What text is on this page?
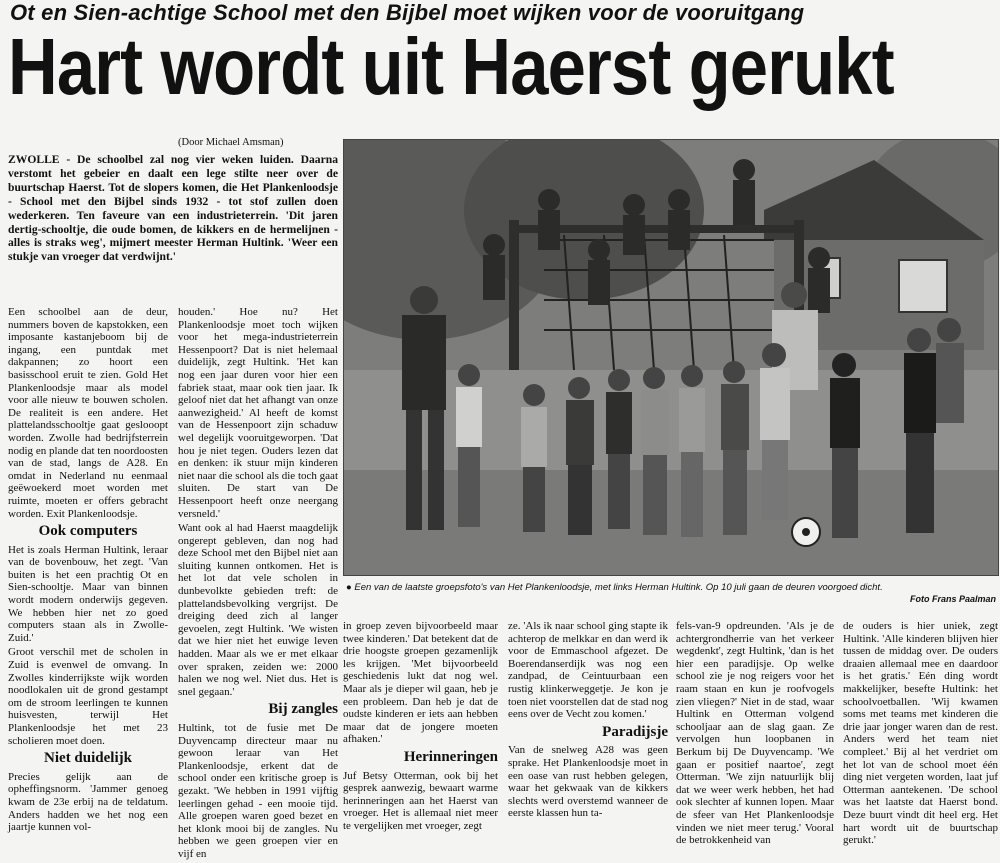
Ot en Sien-achtige School met den Bijbel moet wijken voor de vooruitgang
Hart wordt uit Haerst gerukt
(Door Michael Amsman)
● Een van de laatste groepsfoto's van Het Plankenloodsje, met links Herman Hultink. Op 10 juli gaan de deuren voorgoed dicht.
Foto Frans Paalman
ZWOLLE - De schoolbel zal nog vier weken luiden. Daarna verstomt het gebeier en daalt een lege stilte neer over de buurtschap Haerst. Tot de slopers komen, die Het Plankenloodsje - School met den Bijbel sinds 1932 - tot stof zullen doen wederkeren. Ten faveure van een industrieterrein. 'Dit jaren dertig-schooltje, die oude bomen, de kikkers en de hermelijnen - alles is straks weg', mijmert meester Herman Hultink. 'Weer een stukje van vroeger dat verdwijnt.'

Een schoolbel aan de deur, nummers boven de kapstokken, een imposante kastanjeboom bij de ingang, een puntdak met dakpannen; zo hoort een basisschool eruit te zien. Gold Het Plankenloodsje maar als model voor alle nieuw te bouwen scholen. De realiteit is een andere. Het plattelandsschooltje gaat geslooopt worden. Zwolle had bedrijfsterrein nodig en plande dat ten noordoosten van de stad, langs de A28. En omdat in Nederland nu eenmaal geëwoekerd moet worden met ruimte, moeten er offers gebracht worden. Exit Plankenloodsje.

Ook computers

Het is zoals Herman Hultink, leraar van de bovenbouw, het zegt. 'Van buiten is het een prachtig Ot en Sien-schooltje. Maar van binnen wordt modern onderwijs gegeven. We hebben hier net zo goed computers staan als in Zwolle-Zuid.'

Groot verschil met de scholen in Zuid is evenwel de omvang. In Zwolles kinderrijkste wijk worden noodlokalen uit de grond gestampt om de stroom leerlingen te kunnen huisvesten, terwijl Het Plankenloodsje het met 23 scholieren moet doen.

Niet duidelijk

Precies gelijk aan de opheffingsnorm. 'Jammer genoeg kwam de 23e erbij na de teldatum. Anders hadden we het nog een jaartje kunnen vol-

houden.' Hoe nu? Het Plankenloodsje moet toch wijken voor het mega-industrieterrein Hessenpoort? Dat is niet helemaal duidelijk, zegt Hultink. 'Het kan nog een jaar duren voor hier een fabriek staat, maar ook tien jaar. Ik geloof niet dat het afhangt van onze aanwezigheid.' Al heeft de komst van de Hessenpoort zijn schaduw wel degelijk vooruitgeworpen. 'Dat hou je niet tegen. Ouders lezen dat en denken: ik stuur mijn kinderen niet naar die school als die toch gaat sluiten. De start van De Hessenpoort heeft onze neergang versneld.'

Want ook al had Haerst maagdelijk ongerept gebleven, dan nog had deze School met den Bijbel niet aan sluiting kunnen ontkomen. Het is het lot dat vele scholen in dunbevolkte gebieden treft: de plattelandsbevolking vergrijst. De dreiging deed zich al langer gevoelen, zegt Hultink. 'We wisten dat we hier niet het euwige leven hadden. Maar als we er met elkaar over spraken, zeiden we: 2000 halen we nog wel. Niet dus. Het is snel gegaan.'

Bij zangles

Hultink, tot de fusie met De Duyvencamp directeur maar nu gewoon leraar van Het Plankenloodsje, erkent dat de school onder een kritische groep is gezakt. 'We hebben in 1991 vijftig leerlingen gehad - een mooie tijd. Alle groepen waren goed bezet en het klonk mooi bij de zangles. Nu hebben we geen groepen vier en vijf en

in groep zeven bijvoorbeeld maar twee kinderen.' Dat betekent dat de drie hoogste groepen gezamenlijk les krijgen. 'Met bijvoorbeeld geschiedenis lukt dat nog wel. Maar als je dieper wil gaan, heb je een probleem. Dan heb je dat de oudste kinderen er iets aan hebben maar dat de jongere moeten afhaken.'

Herinneringen

Juf Betsy Otterman, ook bij het gesprek aanwezig, bewaart warme herinneringen aan het Haerst van vroeger. Het is allemaal niet meer te vergelijken met vroeger, zegt

ze. 'Als ik naar school ging stapte ik achterop de melkkar en dan werd ik voor de Emmaschool afgezet. De Boerendanserdijk was nog een zandpad, de Ceintuurbaan een rustig klinkerweggetje. Je kon je toen niet voorstellen dat de stad nog eens over de Vecht zou komen.'

Paradijsje

Van de snelweg A28 was geen sprake. Het Plankenloodsje moet in een oase van rust hebben gelegen, waar het gekwaak van de kikkers slechts werd overstemd wanneer de eerste klassen hun ta-

fels-van-9 opdreunden. 'Als je de achtergrondherrie van het verkeer wegdenkt', zegt Hultink, 'dan is het hier een paradijsje. Op welke school zie je nog reigers voor het raam staan en kun je roofvogels zien vliegen?' Niet in de stad, waar Hultink en Otterman volgend schooljaar aan de slag gaan. Ze vervolgen hun loopbanen in Berkum bij De Duyvencamp. 'We gaan er positief naartoe', zegt Otterman. 'We zijn natuurlijk blij dat we weer werk hebben, het had ook slechter af kunnen lopen. Maar de sfeer van Het Plankenloodsje vinden we niet meer terug.' Vooral de betrokkenheid van

de ouders is hier uniek, zegt Hultink. 'Alle kinderen blijven hier tussen de middag over. De ouders draaien allemaal mee en daardoor is het gratis.' Eén ding wordt makkelijker, besefte Hultink: het schoolvoetballen. 'Wij kwamen soms met teams met kinderen die drie jaar jonger waren dan de rest. Anders werd het team niet compleet.' Bij al het verdriet om het lot van de school moet één ding niet vergeten worden, laat juf Otterman aantekenen. 'De school was het laatste dat Haerst bond. Deze buurt vindt dit heel erg. Het hart wordt uit de buurtschap gerukt.'
